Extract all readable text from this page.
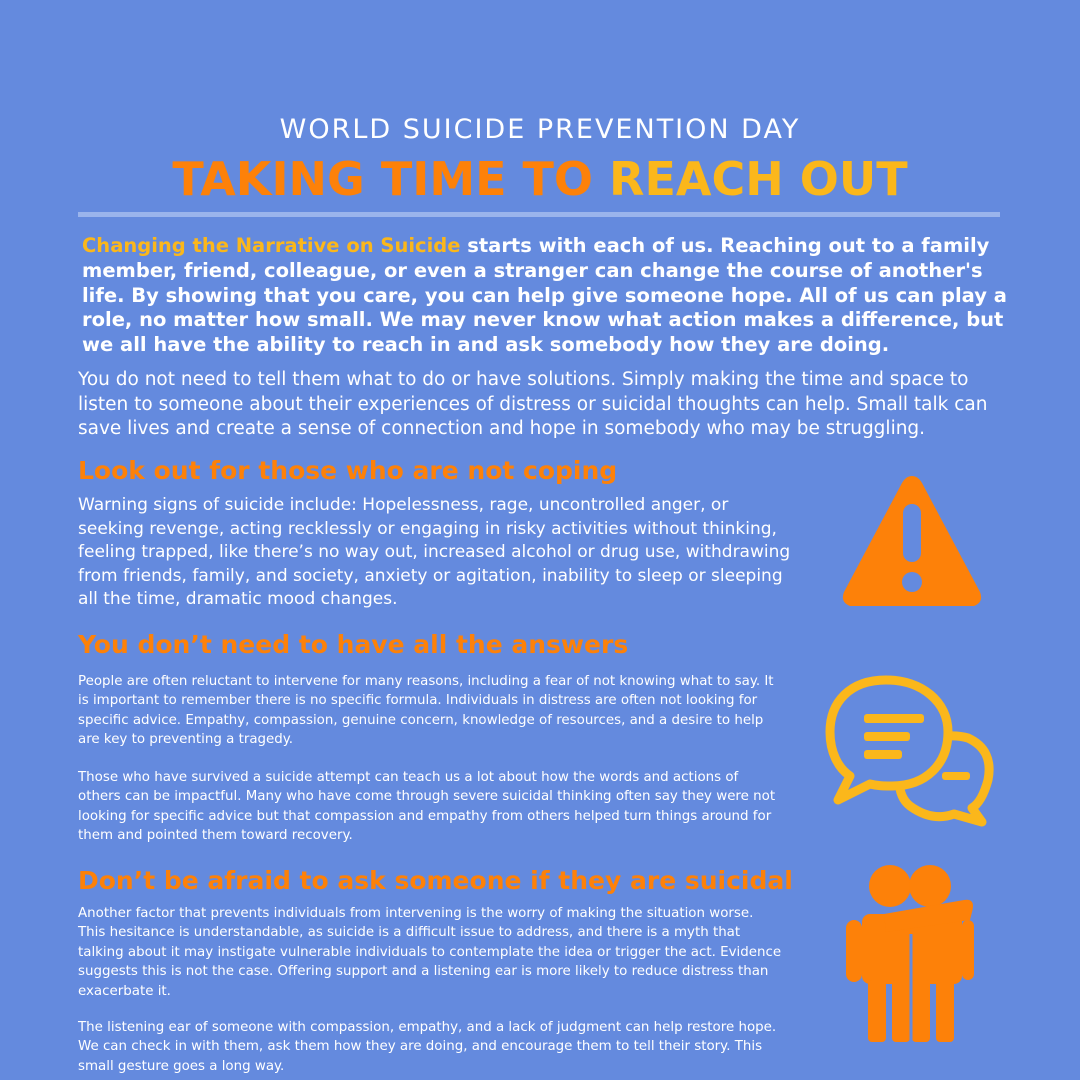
WORLD SUICIDE PREVENTION DAY
TAKING TIME TO REACH OUT
Changing the Narrative on Suicide starts with each of us. Reaching out to a family member, friend, colleague, or even a stranger can change the course of another's life. By showing that you care, you can help give someone hope. All of us can play a role, no matter how small. We may never know what action makes a difference, but we all have the ability to reach in and ask somebody how they are doing.
You do not need to tell them what to do or have solutions. Simply making the time and space to listen to someone about their experiences of distress or suicidal thoughts can help. Small talk can save lives and create a sense of connection and hope in somebody who may be struggling.
Look out for those who are not coping
Warning signs of suicide include: Hopelessness, rage, uncontrolled anger, or seeking revenge, acting recklessly or engaging in risky activities without thinking, feeling trapped, like there’s no way out, increased alcohol or drug use, withdrawing from friends, family, and society, anxiety or agitation, inability to sleep or sleeping all the time, dramatic mood changes.
You don’t need to have all the answers
People are often reluctant to intervene for many reasons, including a fear of not knowing what to say. It is important to remember there is no specific formula. Individuals in distress are often not looking for specific advice. Empathy, compassion, genuine concern, knowledge of resources, and a desire to help are key to preventing a tragedy.
Those who have survived a suicide attempt can teach us a lot about how the words and actions of others can be impactful. Many who have come through severe suicidal thinking often say they were not looking for specific advice but that compassion and empathy from others helped turn things around for them and pointed them toward recovery.
Don’t be afraid to ask someone if they are suicidal
Another factor that prevents individuals from intervening is the worry of making the situation worse. This hesitance is understandable, as suicide is a difficult issue to address, and there is a myth that talking about it may instigate vulnerable individuals to contemplate the idea or trigger the act. Evidence suggests this is not the case. Offering support and a listening ear is more likely to reduce distress than exacerbate it.
The listening ear of someone with compassion, empathy, and a lack of judgment can help restore hope. We can check in with them, ask them how they are doing, and encourage them to tell their story. This small gesture goes a long way.
